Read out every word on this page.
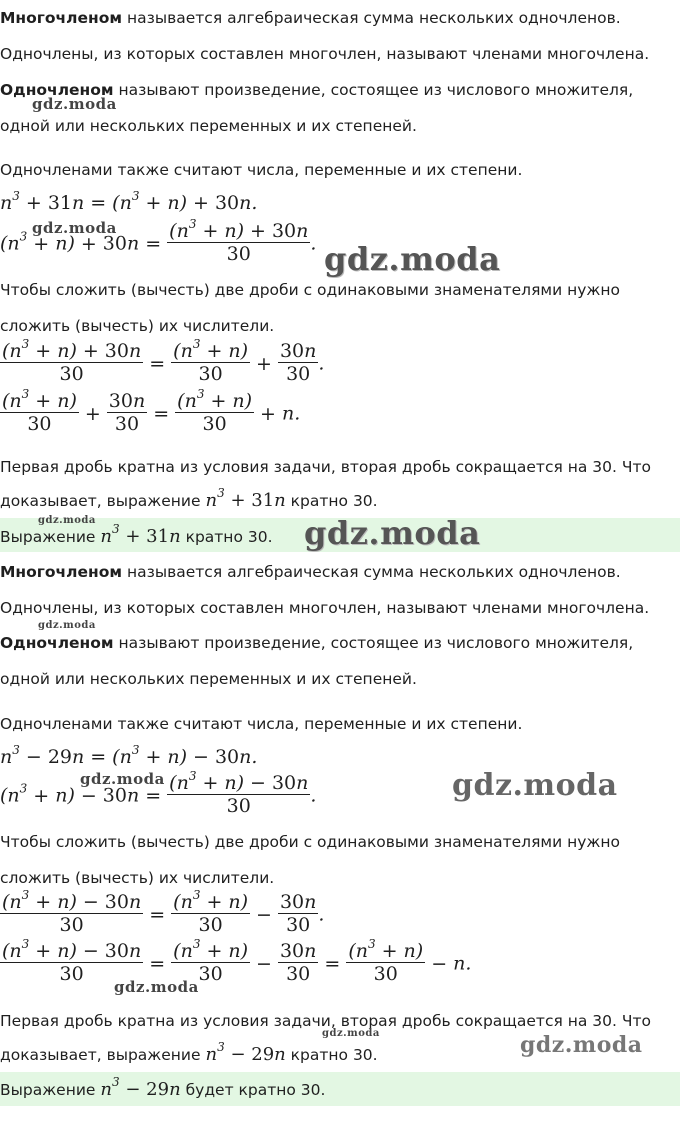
Многочленом называется алгебраическая сумма нескольких одночленов.
Одночлены, из которых составлен многочлен, называют членами многочлена.
Одночленом называют произведение, состоящее из числового множителя,
одной или нескольких переменных и их степеней.
Одночленами также считают числа, переменные и их степени.
$n^3 + 31n = (n^3 + n) + 30n$.
$(n^3 + n) + 30n = \frac{(n^3 + n) + 30n}{30}$ .
Чтобы сложить (вычесть) две дроби с одинаковыми знаменателями нужно
сложить (вычесть) их числители.
$\frac{(n^3 + n) + 30n}{30} = \frac{(n^3 + n)}{30} + \frac{30n}{30}$ .
$\frac{(n^3 + n)}{30} + \frac{30n}{30} = \frac{(n^3 + n)}{30} + n$.
Первая дробь кратна из условия задачи, вторая дробь сокращается на 30. Что
доказывает, выражение $n^3 + 31n$ кратно 30.
Выражение $n^3 + 31n$ кратно 30.
Многочленом называется алгебраическая сумма нескольких одночленов.
Одночлены, из которых составлен многочлен, называют членами многочлена.
Одночленом называют произведение, состоящее из числового множителя,
одной или нескольких переменных и их степеней.
Одночленами также считают числа, переменные и их степени.
$n^3 - 29n = (n^3 + n) - 30n$.
$(n^3 + n) - 30n = \frac{(n^3 + n) - 30n}{30}$ .
Чтобы сложить (вычесть) две дроби с одинаковыми знаменателями нужно
сложить (вычесть) их числители.
$\frac{(n^3 + n) - 30n}{30} = \frac{(n^3 + n)}{30} - \frac{30n}{30}$ .
$\frac{(n^3 + n) - 30n}{30} = \frac{(n^3 + n)}{30} - \frac{30n}{30} = \frac{(n^3 + n)}{30} - n$.
Первая дробь кратна из условия задачи, вторая дробь сокращается на 30. Что
доказывает, выражение $n^3 - 29n$ кратно 30.
Выражение $n^3 - 29n$ будет кратно 30.
gdz.moda
gdz.moda
gdz.moda
gdz.moda	gdz.moda
gdz.moda
gdz.moda	gdz.moda
gdz.moda
gdz.moda	gdz.moda
